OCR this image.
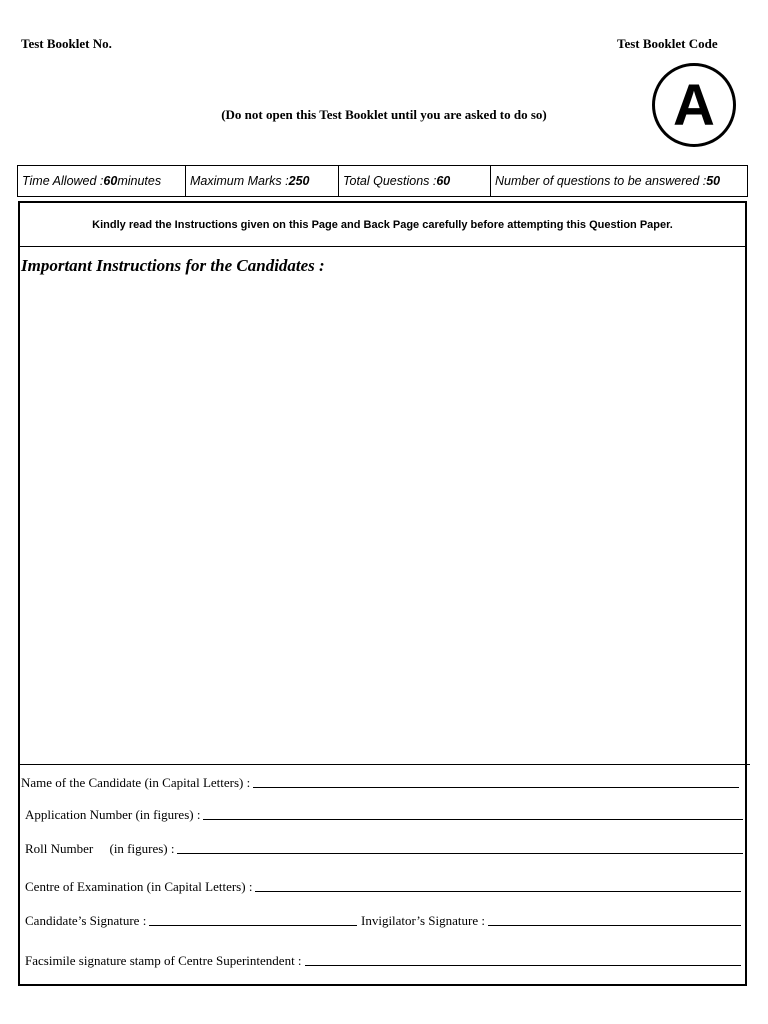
Test Booklet No.	Test Booklet Code
A
(Do not open this Test Booklet until you are asked to do so)
Time Allowed : 60 minutes Maximum Marks : 250	Total Questions : 60	Number of questions to be answered : 50
Kindly read the Instructions given on this Page and Back Page carefully before attempting this Question Paper.
Important Instructions for the Candidates :
Name of the Candidate (in Capital Letters) :
Application Number (in figures) :
Roll Number     (in figures) :
Centre of Examination (in Capital Letters) :
Candidate’s Signature :	Invigilator’s Signature :
Facsimile signature stamp of Centre Superintendent :
